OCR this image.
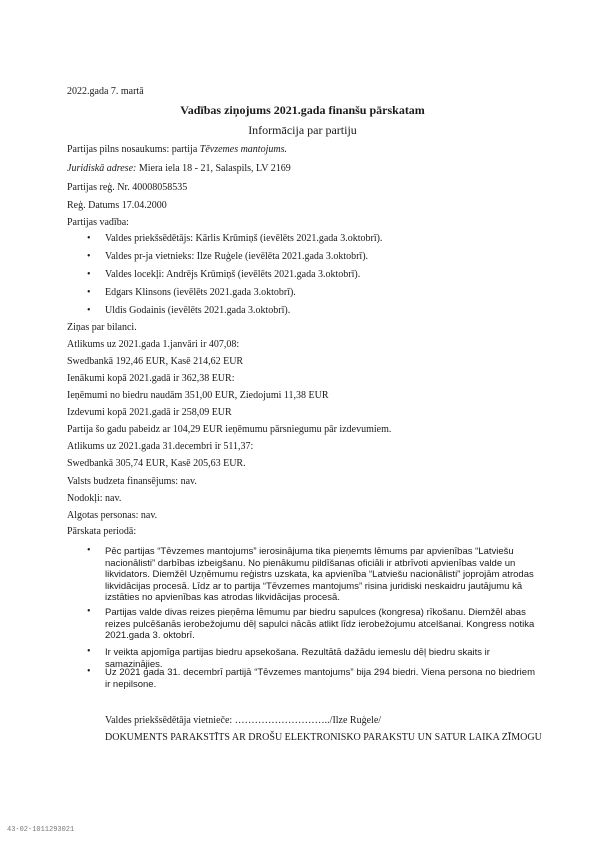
2022.gada 7. martā
Vadības ziņojums 2021.gada finanšu pārskatam
Informācija par partiju
Partijas pilns nosaukums: partija Tēvzemes mantojums.
Juridiskā adrese: Miera iela 18 - 21, Salaspils, LV 2169
Partijas reģ. Nr. 40008058535
Reģ. Datums 17.04.2000
Partijas vadība:
• Valdes priekšsēdētājs: Kārlis Krūmiņš (ievēlēts 2021.gada 3.oktobrī).
• Valdes pr-ja vietnieks: Ilze Ruģele (ievēlēta 2021.gada 3.oktobrī).
• Valdes locekļi: Andrējs Krūmiņš (ievēlēts 2021.gada 3.oktobrī).
• Edgars Klinsons (ievēlēts 2021.gada 3.oktobrī).
• Uldis Godainis (ievēlēts 2021.gada 3.oktobrī).
Ziņas par bilanci.
Atlikums uz 2021.gada 1.janvāri ir 407,08:
Swedbankā 192,46 EUR, Kasē 214,62 EUR
Ienākumi kopā 2021.gadā ir 362,38 EUR:
Ieņēmumi no biedru naudām 351,00 EUR, Ziedojumi 11,38 EUR
Izdevumi kopā 2021.gadā ir 258,09 EUR
Partija šo gadu pabeidz ar 104,29 EUR ieņēmumu pārsniegumu pār izdevumiem.
Atlikums uz 2021.gada 31.decembri ir 511,37:
Swedbankā 305,74 EUR, Kasē 205,63 EUR.
Valsts budzeta finansējums: nav.
Nodokļi: nav.
Algotas personas: nav.
Pārskata periodā:
• Pēc partijas “Tēvzemes mantojums” ierosinājuma tika pieņemts lēmums par apvienības “Latviešu nacionālisti” darbības izbeigšanu. No pienākumu pildīšanas oficiāli ir atbrīvoti apvienības valde un likvidators. Diemžēl Uzņēmumu reģistrs uzskata, ka apvienība “Latviešu nacionālisti” joprojām atrodas likvidācijas procesā. Līdz ar to partija “Tēvzemes mantojums” risina juridiski neskaidru jautājumu kā izstāties no apvienības kas atrodas likvidācijas procesā.
• Partijas valde divas reizes pieņēma lēmumu par biedru sapulces (kongresa) rīkošanu. Diemžēl abas reizes pulcēšanās ierobežojumu dēļ sapulci nācās atlikt līdz ierobežojumu atcelšanai. Kongress notika 2021.gada 3. oktobrī.
• Ir veikta apjomīga partijas biedru apsekošana. Rezultātā dažādu iemeslu dēļ biedru skaits ir samazinājies.
• Uz 2021 gada 31. decembrī partijā “Tēvzemes mantojums” bija 294 biedri. Viena persona no biedriem ir nepilsone.
Valdes priekšsēdētāja vietnieče: ………………………../Ilze Ruģele/
DOKUMENTS PARAKSTĪTS AR DROŠU ELEKTRONISKO PARAKSTU UN SATUR LAIKA ZĪMOGU
43-02-1011293021
